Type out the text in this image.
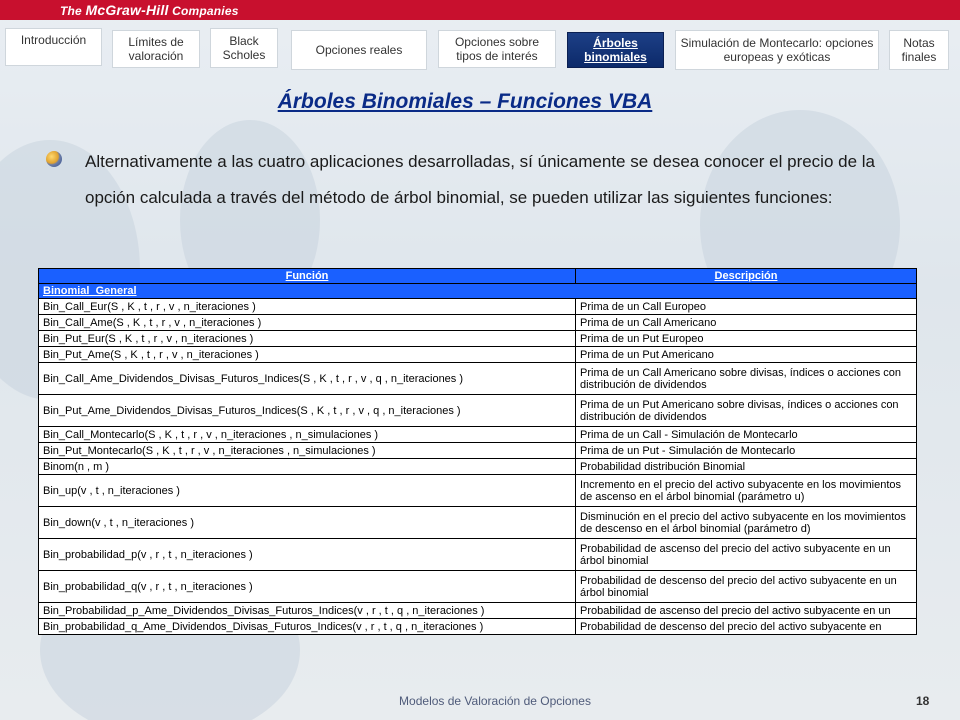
The McGraw-Hill Companies
Introducción	Límites de valoración
Black Scholes	Opciones reales
Opciones sobre tipos de interés
Árboles binomiales
Simulación de Montecarlo: opciones europeas y exóticas
Notas finales
Árboles Binomiales – Funciones VBA
Alternativamente a las cuatro aplicaciones desarrolladas, sí únicamente se desea conocer el precio de la opción calculada a través del método de árbol binomial, se pueden utilizar las siguientes funciones:
Función	Descripción
Binomial_General	
Bin_Call_Eur(S , K , t , r , v , n_iteraciones )	Prima de un Call Europeo
Bin_Call_Ame(S , K , t , r , v , n_iteraciones )	Prima de un Call Americano
Bin_Put_Eur(S , K , t , r , v , n_iteraciones )	Prima de un Put Europeo
Bin_Put_Ame(S , K , t , r , v , n_iteraciones )	Prima de un Put Americano
Bin_Call_Ame_Dividendos_Divisas_Futuros_Indices(S , K , t , r , v , q , n_iteraciones )	Prima de un Call Americano sobre divisas, índices o acciones con distribución de dividendos
Bin_Put_Ame_Dividendos_Divisas_Futuros_Indices(S , K , t , r , v , q , n_iteraciones )	Prima de un Put Americano sobre divisas, índices o acciones con distribución de dividendos
Bin_Call_Montecarlo(S , K , t , r , v , n_iteraciones , n_simulaciones )	Prima de un Call - Simulación de Montecarlo
Bin_Put_Montecarlo(S , K , t , r , v , n_iteraciones , n_simulaciones )	Prima de un Put - Simulación de Montecarlo
Binom(n , m )	Probabilidad distribución Binomial
Bin_up(v , t , n_iteraciones )	Incremento en el precio del activo subyacente en los movimientos de ascenso en el árbol binomial (parámetro u)
Bin_down(v , t , n_iteraciones )	Disminución en el precio del activo subyacente en los movimientos de descenso en el árbol binomial (parámetro d)
Bin_probabilidad_p(v , r , t , n_iteraciones )	Probabilidad de ascenso del precio del activo subyacente en un árbol binomial
Bin_probabilidad_q(v , r , t , n_iteraciones )	Probabilidad de descenso del precio del activo subyacente en un árbol binomial
Bin_Probabilidad_p_Ame_Dividendos_Divisas_Futuros_Indices(v , r , t , q , n_iteraciones )	Probabilidad de ascenso del precio del activo subyacente en un
Bin_probabilidad_q_Ame_Dividendos_Divisas_Futuros_Indices(v , r , t , q , n_iteraciones )	Probabilidad de descenso del precio del activo subyacente en
Modelos de Valoración de Opciones	18
